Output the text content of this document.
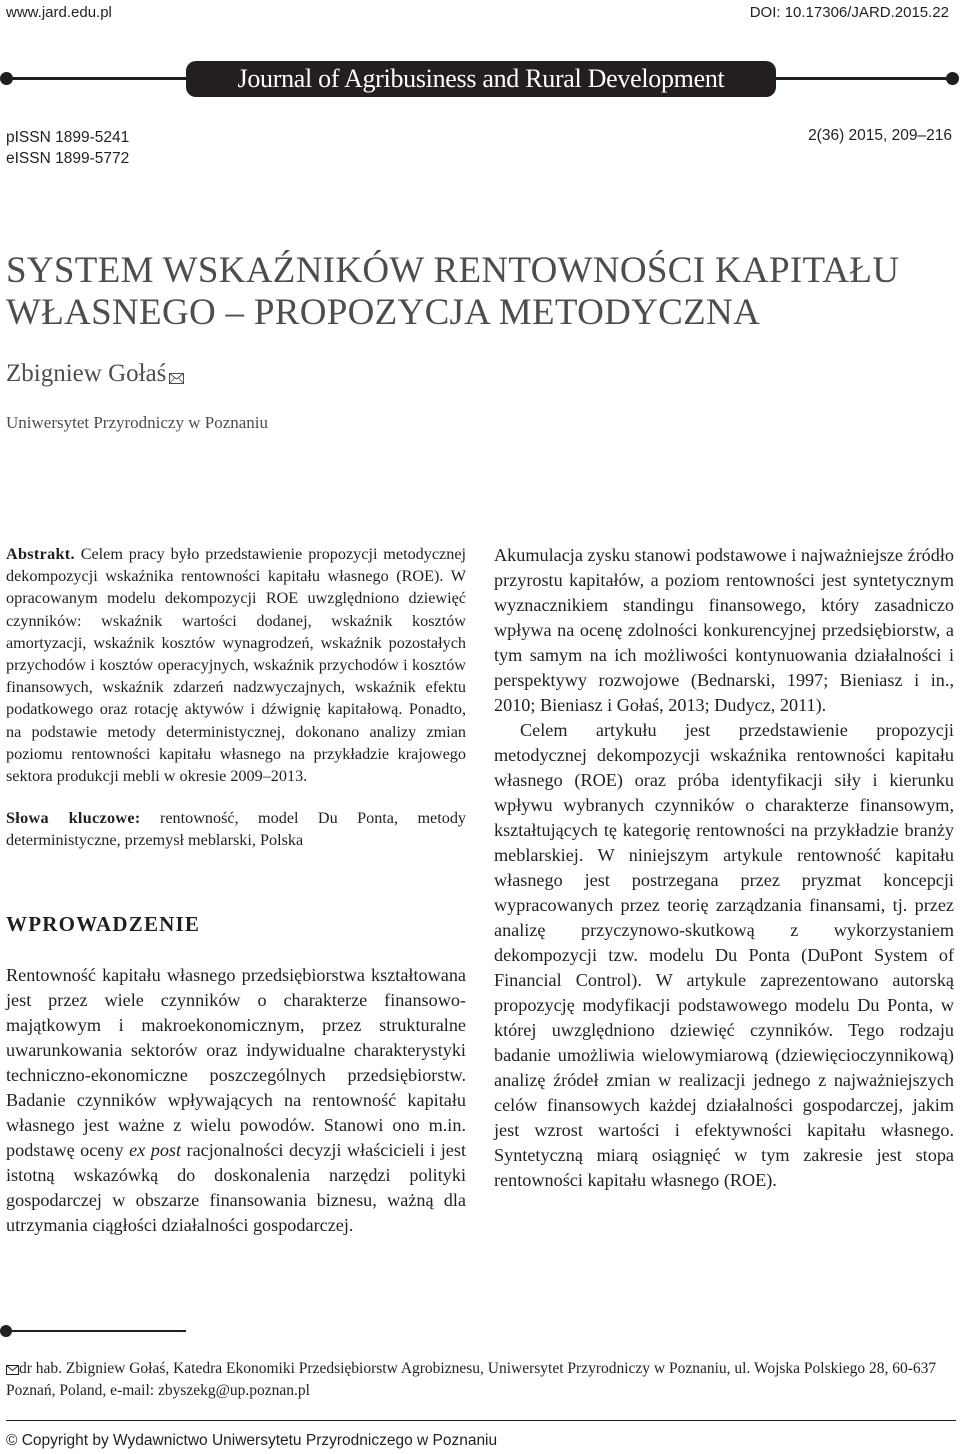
www.jard.edu.pl	DOI: 10.17306/JARD.2015.22
Journal of Agribusiness and Rural Development
pISSN 1899-5241
eISSN 1899-5772
2(36) 2015, 209–216
SYSTEM WSKAŹNIKÓW RENTOWNOŚCI KAPITAŁU
WŁASNEGO – PROPOZYCJA METODYCZNA
Zbigniew Gołaś
Uniwersytet Przyrodniczy w Poznaniu

Abstrakt. Celem pracy było przedstawienie propozycji metodycznej dekompozycji wskaźnika rentowności kapitału własnego (ROE). W opracowanym modelu dekompozycji ROE uwzględniono dziewięć czynników: wskaźnik wartości dodanej, wskaźnik kosztów amortyzacji, wskaźnik kosztów wynagrodzeń, wskaźnik pozostałych przychodów i kosztów operacyjnych, wskaźnik przychodów i kosztów finansowych, wskaźnik zdarzeń nadzwyczajnych, wskaźnik efektu podatkowego oraz rotację aktywów i dźwignię kapitałową. Ponadto, na podstawie metody deterministycznej, dokonano analizy zmian poziomu rentowności kapitału własnego na przykładzie krajowego sektora produkcji mebli w okresie 2009–2013.

Słowa kluczowe: rentowność, model Du Ponta, metody deterministyczne, przemysł meblarski, Polska

WPROWADZENIE

Rentowność kapitału własnego przedsiębiorstwa kształtowana jest przez wiele czynników o charakterze finansowo-majątkowym i makroekonomicznym, przez strukturalne uwarunkowania sektorów oraz indywidualne charakterystyki techniczno-ekonomiczne poszczególnych przedsiębiorstw. Badanie czynników wpływających na rentowność kapitału własnego jest ważne z wielu powodów. Stanowi ono m.in. podstawę oceny ex post racjonalności decyzji właścicieli i jest istotną wskazówką do doskonalenia narzędzi polityki gospodarczej w obszarze finansowania biznesu, ważną dla utrzymania ciągłości działalności gospodarczej.

Akumulacja zysku stanowi podstawowe i najważniejsze źródło przyrostu kapitałów, a poziom rentowności jest syntetycznym wyznacznikiem standingu finansowego, który zasadniczo wpływa na ocenę zdolności konkurencyjnej przedsiębiorstw, a tym samym na ich możliwości kontynuowania działalności i perspektywy rozwojowe (Bednarski, 1997; Bieniasz i in., 2010; Bieniasz i Gołaś, 2013; Dudycz, 2011).

Celem artykułu jest przedstawienie propozycji metodycznej dekompozycji wskaźnika rentowności kapitału własnego (ROE) oraz próba identyfikacji siły i kierunku wpływu wybranych czynników o charakterze finansowym, kształtujących tę kategorię rentowności na przykładzie branży meblarskiej. W niniejszym artykule rentowność kapitału własnego jest postrzegana przez pryzmat koncepcji wypracowanych przez teorię zarządzania finansami, tj. przez analizę przyczynowo-skutkową z wykorzystaniem dekompozycji tzw. modelu Du Ponta (DuPont System of Financial Control). W artykule zaprezentowano autorską propozycję modyfikacji podstawowego modelu Du Ponta, w której uwzględniono dziewięć czynników. Tego rodzaju badanie umożliwia wielowymiarową (dziewięcioczynnikową) analizę źródeł zmian w realizacji jednego z najważniejszych celów finansowych każdej działalności gospodarczej, jakim jest wzrost wartości i efektywności kapitału własnego. Syntetyczną miarą osiągnięć w tym zakresie jest stopa rentowności kapitału własnego (ROE).

dr hab. Zbigniew Gołaś, Katedra Ekonomiki Przedsiębiorstw Agrobiznesu, Uniwersytet Przyrodniczy w Poznaniu, ul. Wojska Polskiego 28, 60-637 Poznań, Poland, e-mail: zbyszekg@up.poznan.pl
© Copyright by Wydawnictwo Uniwersytetu Przyrodniczego w Poznaniu
